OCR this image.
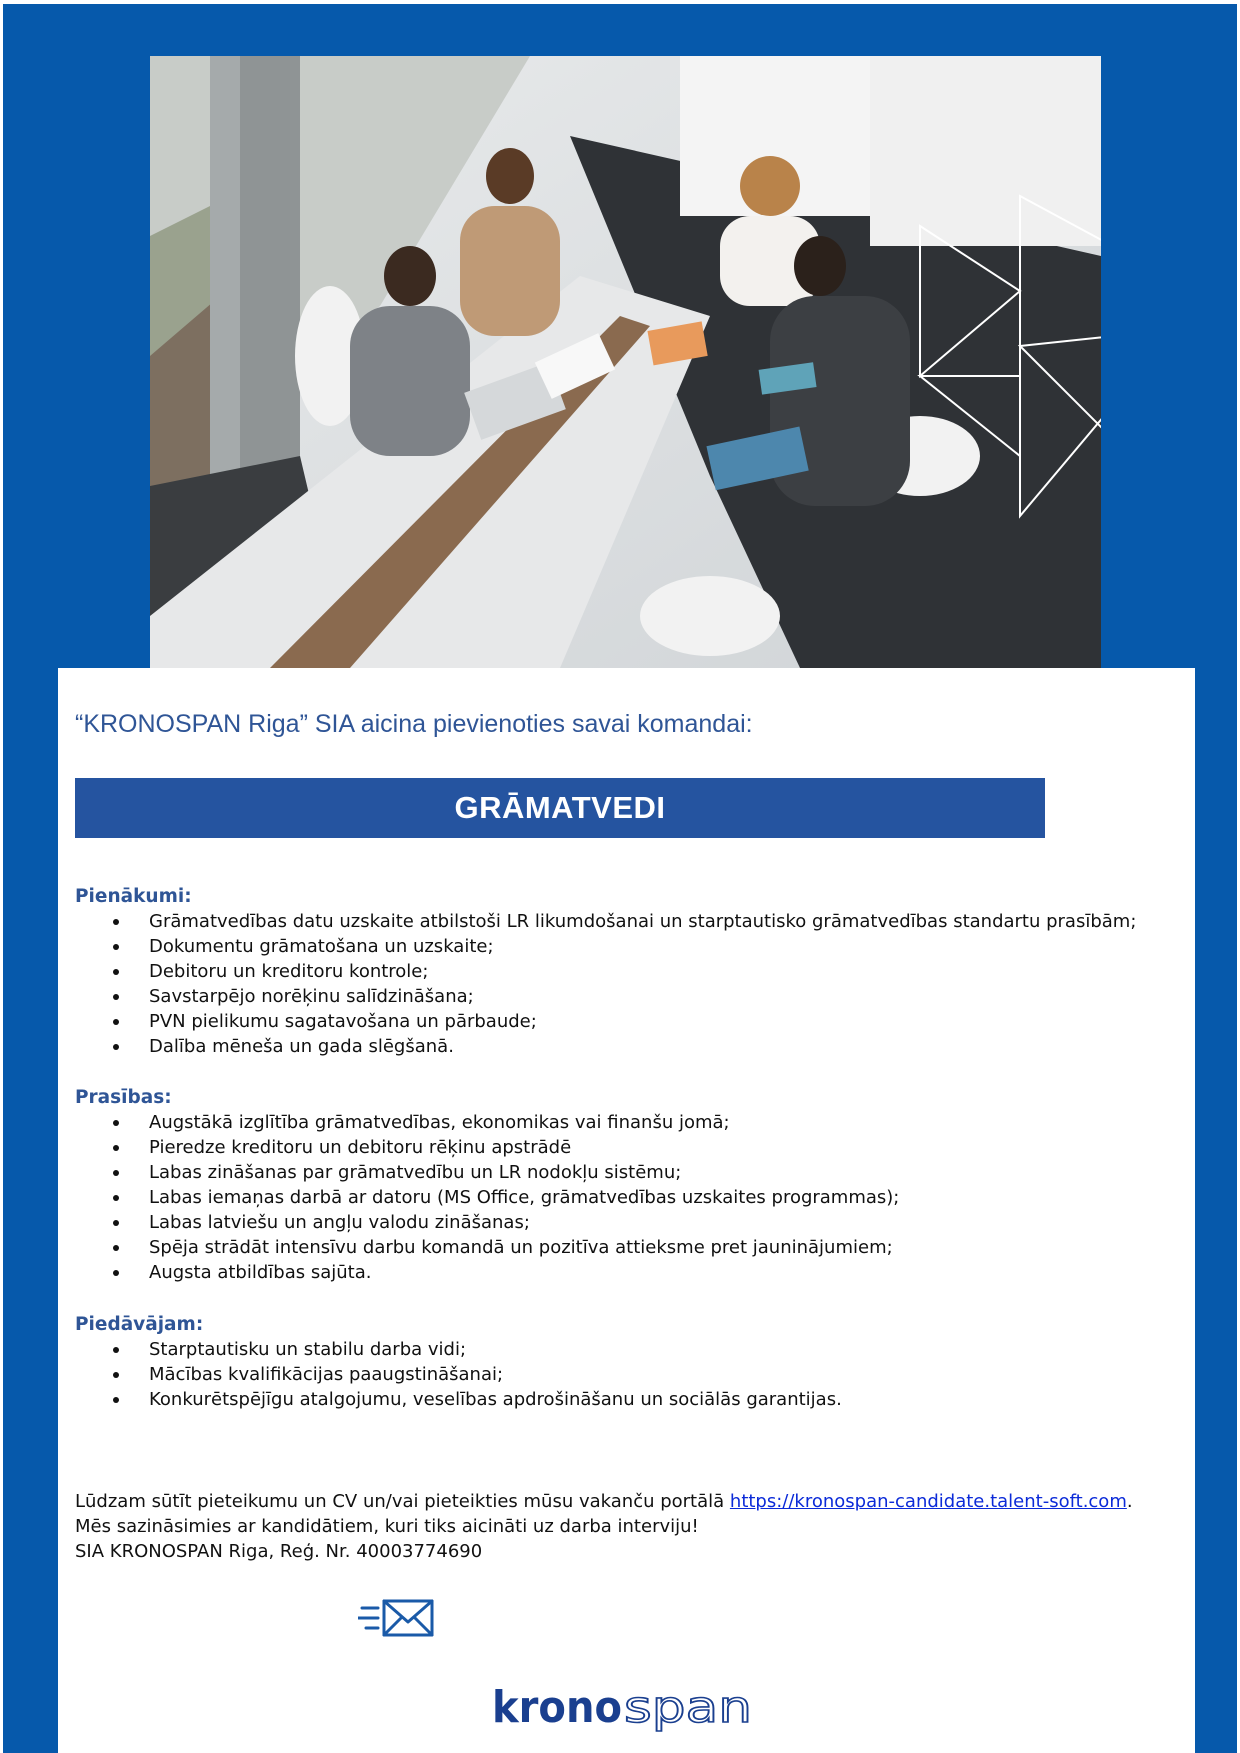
“KRONOSPAN Riga” SIA aicina pievienoties savai komandai:
GRĀMATVEDI
Pienākumi:
Grāmatvedības datu uzskaite atbilstoši LR likumdošanai un starptautisko grāmatvedības standartu prasībām;
Dokumentu grāmatošana un uzskaite;
Debitoru un kreditoru kontrole;
Savstarpējo norēķinu salīdzināšana;
PVN pielikumu sagatavošana un pārbaude;
Dalība mēneša un gada slēgšanā.
Prasības:
Augstākā izglītība grāmatvedības, ekonomikas vai finanšu jomā;
Pieredze kreditoru un debitoru rēķinu apstrādē
Labas zināšanas par grāmatvedību un LR nodokļu sistēmu;
Labas iemaņas darbā ar datoru (MS Office, grāmatvedības uzskaites programmas);
Labas latviešu un angļu valodu zināšanas;
Spēja strādāt intensīvu darbu komandā un pozitīva attieksme pret jauninājumiem;
Augsta atbildības sajūta.
Piedāvājam:
Starptautisku un stabilu darba vidi;
Mācības kvalifikācijas paaugstināšanai;
Konkurētspējīgu atalgojumu, veselības apdrošināšanu un sociālās garantijas.

Lūdzam sūtīt pieteikumu un CV un/vai pieteikties mūsu vakanču portālā https://kronospan-candidate.talent-soft.com.

Mēs sazināsimies ar kandidātiem, kuri tiks aicināti uz darba interviju!

SIA KRONOSPAN Riga, Reģ. Nr. 40003774690

krono span
